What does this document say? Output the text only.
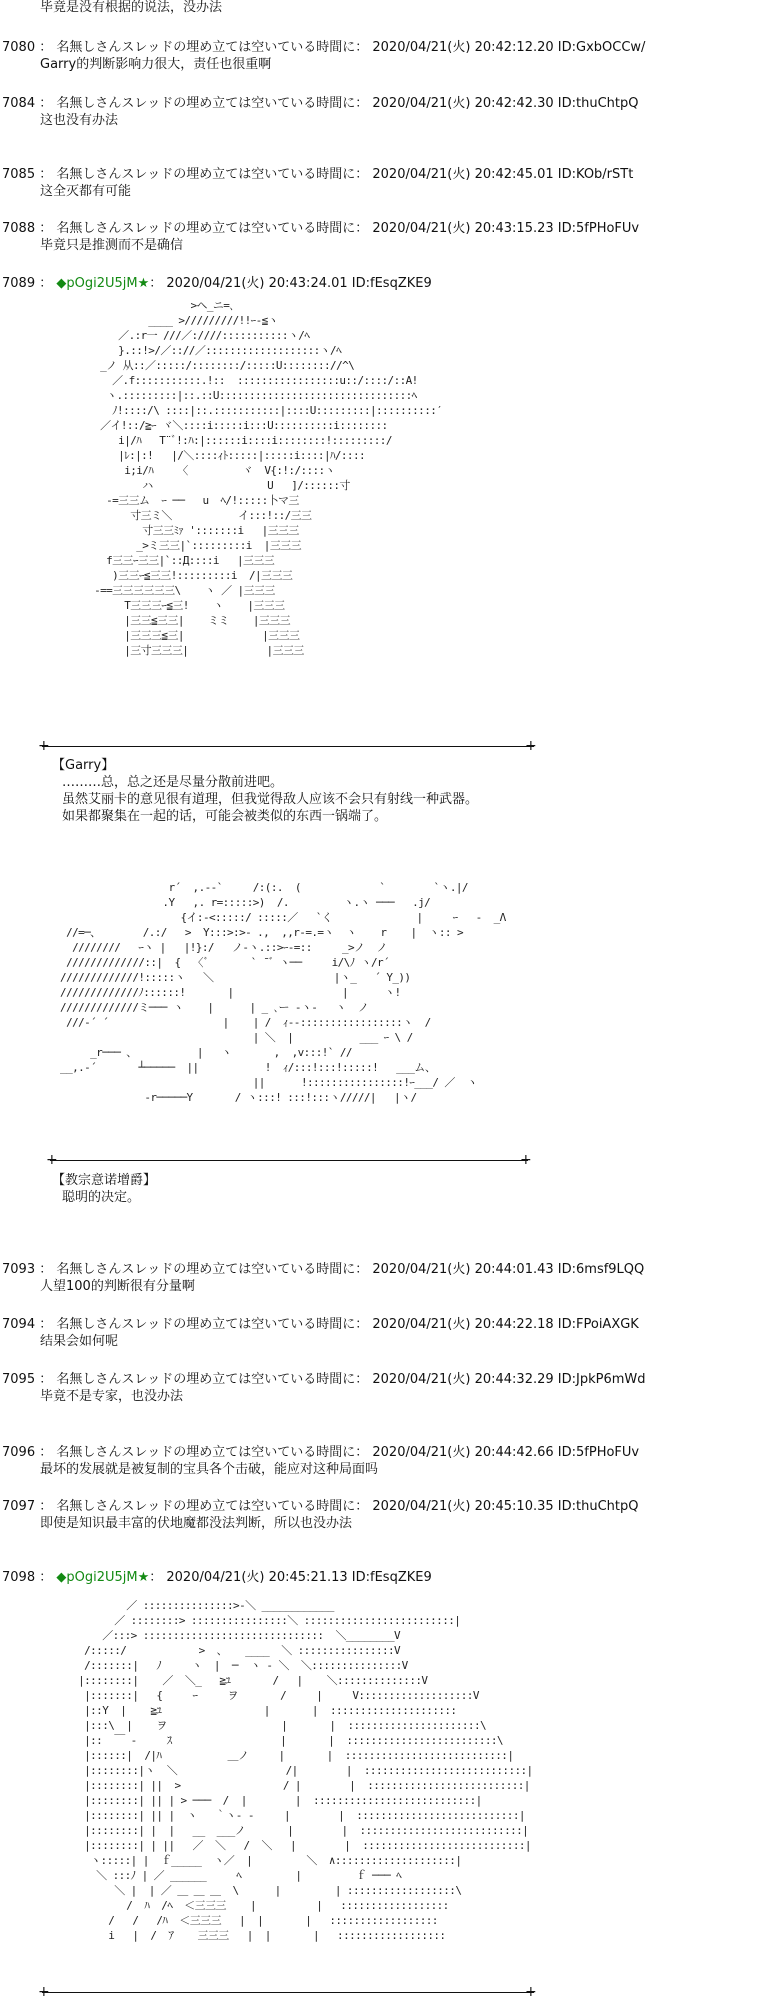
毕竟是没有根据的说法，没办法
7080 ： 名無しさんスレッドの埋め立ては空いている時間に： 2020/04/21(火) 20:42:12.20 ID:GxbOCCw/
Garry的判断影响力很大，责任也很重啊
7084 ： 名無しさんスレッドの埋め立ては空いている時間に： 2020/04/21(火) 20:42:42.30 ID:thuChtpQ
这也没有办法
7085 ： 名無しさんスレッドの埋め立ては空いている時間に： 2020/04/21(火) 20:42:45.01 ID:KOb/rSTt
这全灭都有可能
7088 ： 名無しさんスレッドの埋め立ては空いている時間に： 2020/04/21(火) 20:43:15.23 ID:5fPHoFUv
毕竟只是推测而不是确信
7089 ： ◆pOgi2U5jM★： 2020/04/21(火) 20:43:24.01 ID:fEsqZKE9
>ヘ_ニ=､
____ >/////////!!ｰ-≦ヽ
／.:r一 ///／:////:::::::::::ヽ/ﾍ
}.::!>/／:://／:::::::::::::::::::ヽ/ﾍ
_ノ 从::／:::::/::::::::/:::::U:::::::://^\
／.f:::::::::::.!::  :::::::::::::::::u::/::::/::A!
ヽ.:::::::::|::.::U::::::::::::::::::::::::::::::::ﾍ
ﾉ!::::/\ ::::|::.:::::::::::|::::U:::::::::|::::::::::′
／イ!::/≧ｰ ヾ＼::::i:::::i:::U::::::::::i::::::::
i|/ﾊ   T¨ﾞ!:ﾊ:|::::::i::::i::::::::!:::::::::/
|ﾚ:|:!   |/＼::::ｨﾄ:::::|:::::i::::|ﾊ/::::
i;i/ﾊ    〈         ヾ  V{:!:/::::ヽ
ハ                   U   ]/::::::寸
-=三三ム  ｰ ──   u  ﾍ/!:::::卜マ三
寸三ミ＼           イ:::!::/三三
寸三三ﾐｧ ':::::::i   |三三三
_>ミ三三|`:::::::::i  |三三三
f三三ｰ三三|`::Д::::i   |三三三
)三三ｰ≦三三!:::::::::i  /|三三三
-==三三三三三三\    ヽ ／ |三三三
T三三三ｰ≦三!    ヽ    |三三三
|三三≦三三|    ミミ    |三三三
|三三三≦三|             |三三三
|三寸三三三|             |三三三
+	+
【Garry】
………总，总之还是尽量分散前进吧。
虽然艾丽卡的意见很有道理，但我觉得敌人应该不会只有射线一种武器。
如果都聚集在一起的话，可能会被类似的东西一锅端了。
r´  ,.-‐`     /:(:.  (             `        `ヽ.|/
.Y   ,. r=:::::>)  /.         ヽ.ヽ ───   .j/
{イ:-<:::::/ :::::／   `く              |     ｰ   ‐  _Λ
//=─、       /.:/   >  Y:::>:>‐ .,  ,,r-=.=ヽ  ヽ    r    |  ヽ:: >
////////   ｰヽ |   |!}:/   ノ‐ヽ.::>ｰ‐=::     _>ノ  ノ
/////////////::|  {  〈ﾞ       ` ̄ ゛ヽ──     i/\ﾉ ヽ/r´
/////////////!:::::ヽ   ＼                    |ヽ_   ´ Y_))
/////////////ﾉ::::::!       |                  |      ヽ!
/////////////ミ─── ヽ    |      | _ ､ー -ヽ-   ヽ  ノ
///-´ ´                   |    | /  ｨ-‐:::::::::::::::::ヽ  /
| ＼  |           ___ ｰ \ /
_r─── 、          |   ヽ       ,  ,v:::!` //
__,.-´       ┴─────  ||           !  ｨ/:::!:::!:::::!   ___ム、
||      !::::::::::::::::!ｰ___/ ／  ヽ
-r─────Y       / ヽ:::! :::!:::ヽ/////|   |ヽ/
+	+
【教宗意诺增爵】
聪明的决定。
7093 ： 名無しさんスレッドの埋め立ては空いている時間に： 2020/04/21(火) 20:44:01.43 ID:6msf9LQQ
人望100的判断很有分量啊
7094 ： 名無しさんスレッドの埋め立ては空いている時間に： 2020/04/21(火) 20:44:22.18 ID:FPoiAXGK
结果会如何呢
7095 ： 名無しさんスレッドの埋め立ては空いている時間に： 2020/04/21(火) 20:44:32.29 ID:JpkP6mWd
毕竟不是专家，也没办法
7096 ： 名無しさんスレッドの埋め立ては空いている時間に： 2020/04/21(火) 20:44:42.66 ID:5fPHoFUv
最坏的发展就是被复制的宝具各个击破，能应对这种局面吗
7097 ： 名無しさんスレッドの埋め立ては空いている時間に： 2020/04/21(火) 20:45:10.35 ID:thuChtpQ
即使是知识最丰富的伏地魔都没法判断，所以也没办法
7098 ： ◆pOgi2U5jM★： 2020/04/21(火) 20:45:21.13 ID:fEsqZKE9
／ :::::::::::::::>-＼ ____________
／ ::::::::> ::::::::::::::::＼ :::::::::::::::::::::::::|
／:::> ::::::::::::::::::::::::::::::  ＼________V
/:::::/            >  、   ____  ＼ ::::::::::::::::V
/:::::::|   ﾉ     ヽ  |  ─  ヽ ‐ ＼  ＼:::::::::::::::V
|::::::::|    ／  ＼_   ≧ﾕ       /   |    ＼::::::::::::::V
|:::::::|   {     ｰ     ヲ       /     |     V:::::::::::::::::::V
|::Y  |    ≧ﾕ                 |       |  :::::::::::::::::::::
|:::\  |    ヲ                   |       |  ::::::::::::::::::::::\
|::  ￣ ‐     ｽ                  |       |  :::::::::::::::::::::::::\
|::::::|  /|ﾊ           ＿ノ     |       |  :::::::::::::::::::::::::::|
|::::::::|ヽ  ＼                  /|        |  :::::::::::::::::::::::::::|
|::::::::| ||  >                 / |        |  ::::::::::::::::::::::::::|
|::::::::| || | > ───  /  |        |  :::::::::::::::::::::::::::|
|::::::::| || |  ヽ   ｀ヽ- ‐     |        |  :::::::::::::::::::::::::::|
|::::::::| |  |   __  ___ノ       |        |  :::::::::::::::::::::::::::|
|::::::::| | ||   ／  ＼   /  ＼   |        |  :::::::::::::::::::::::::::|
ヽ:::::| |  ｆ_____  ヽ／  |         ＼  ∧::::::::::::::::::::|
＼ :::ﾉ | ／ ______     ﾍ         |         ｆ ─── ﾍ
＼ |  | ／ ＿ ＿ ＿  \      |         | ::::::::::::::::::\
/  ﾊ  /ﾍ  ＜三三三    |          |   ::::::::::::::::::
/   /   /ﾊ  ＜三三三   |  |       |   ::::::::::::::::::
i   |  /  ｱ    三三三   |  |       |   ::::::::::::::::::
+	+
